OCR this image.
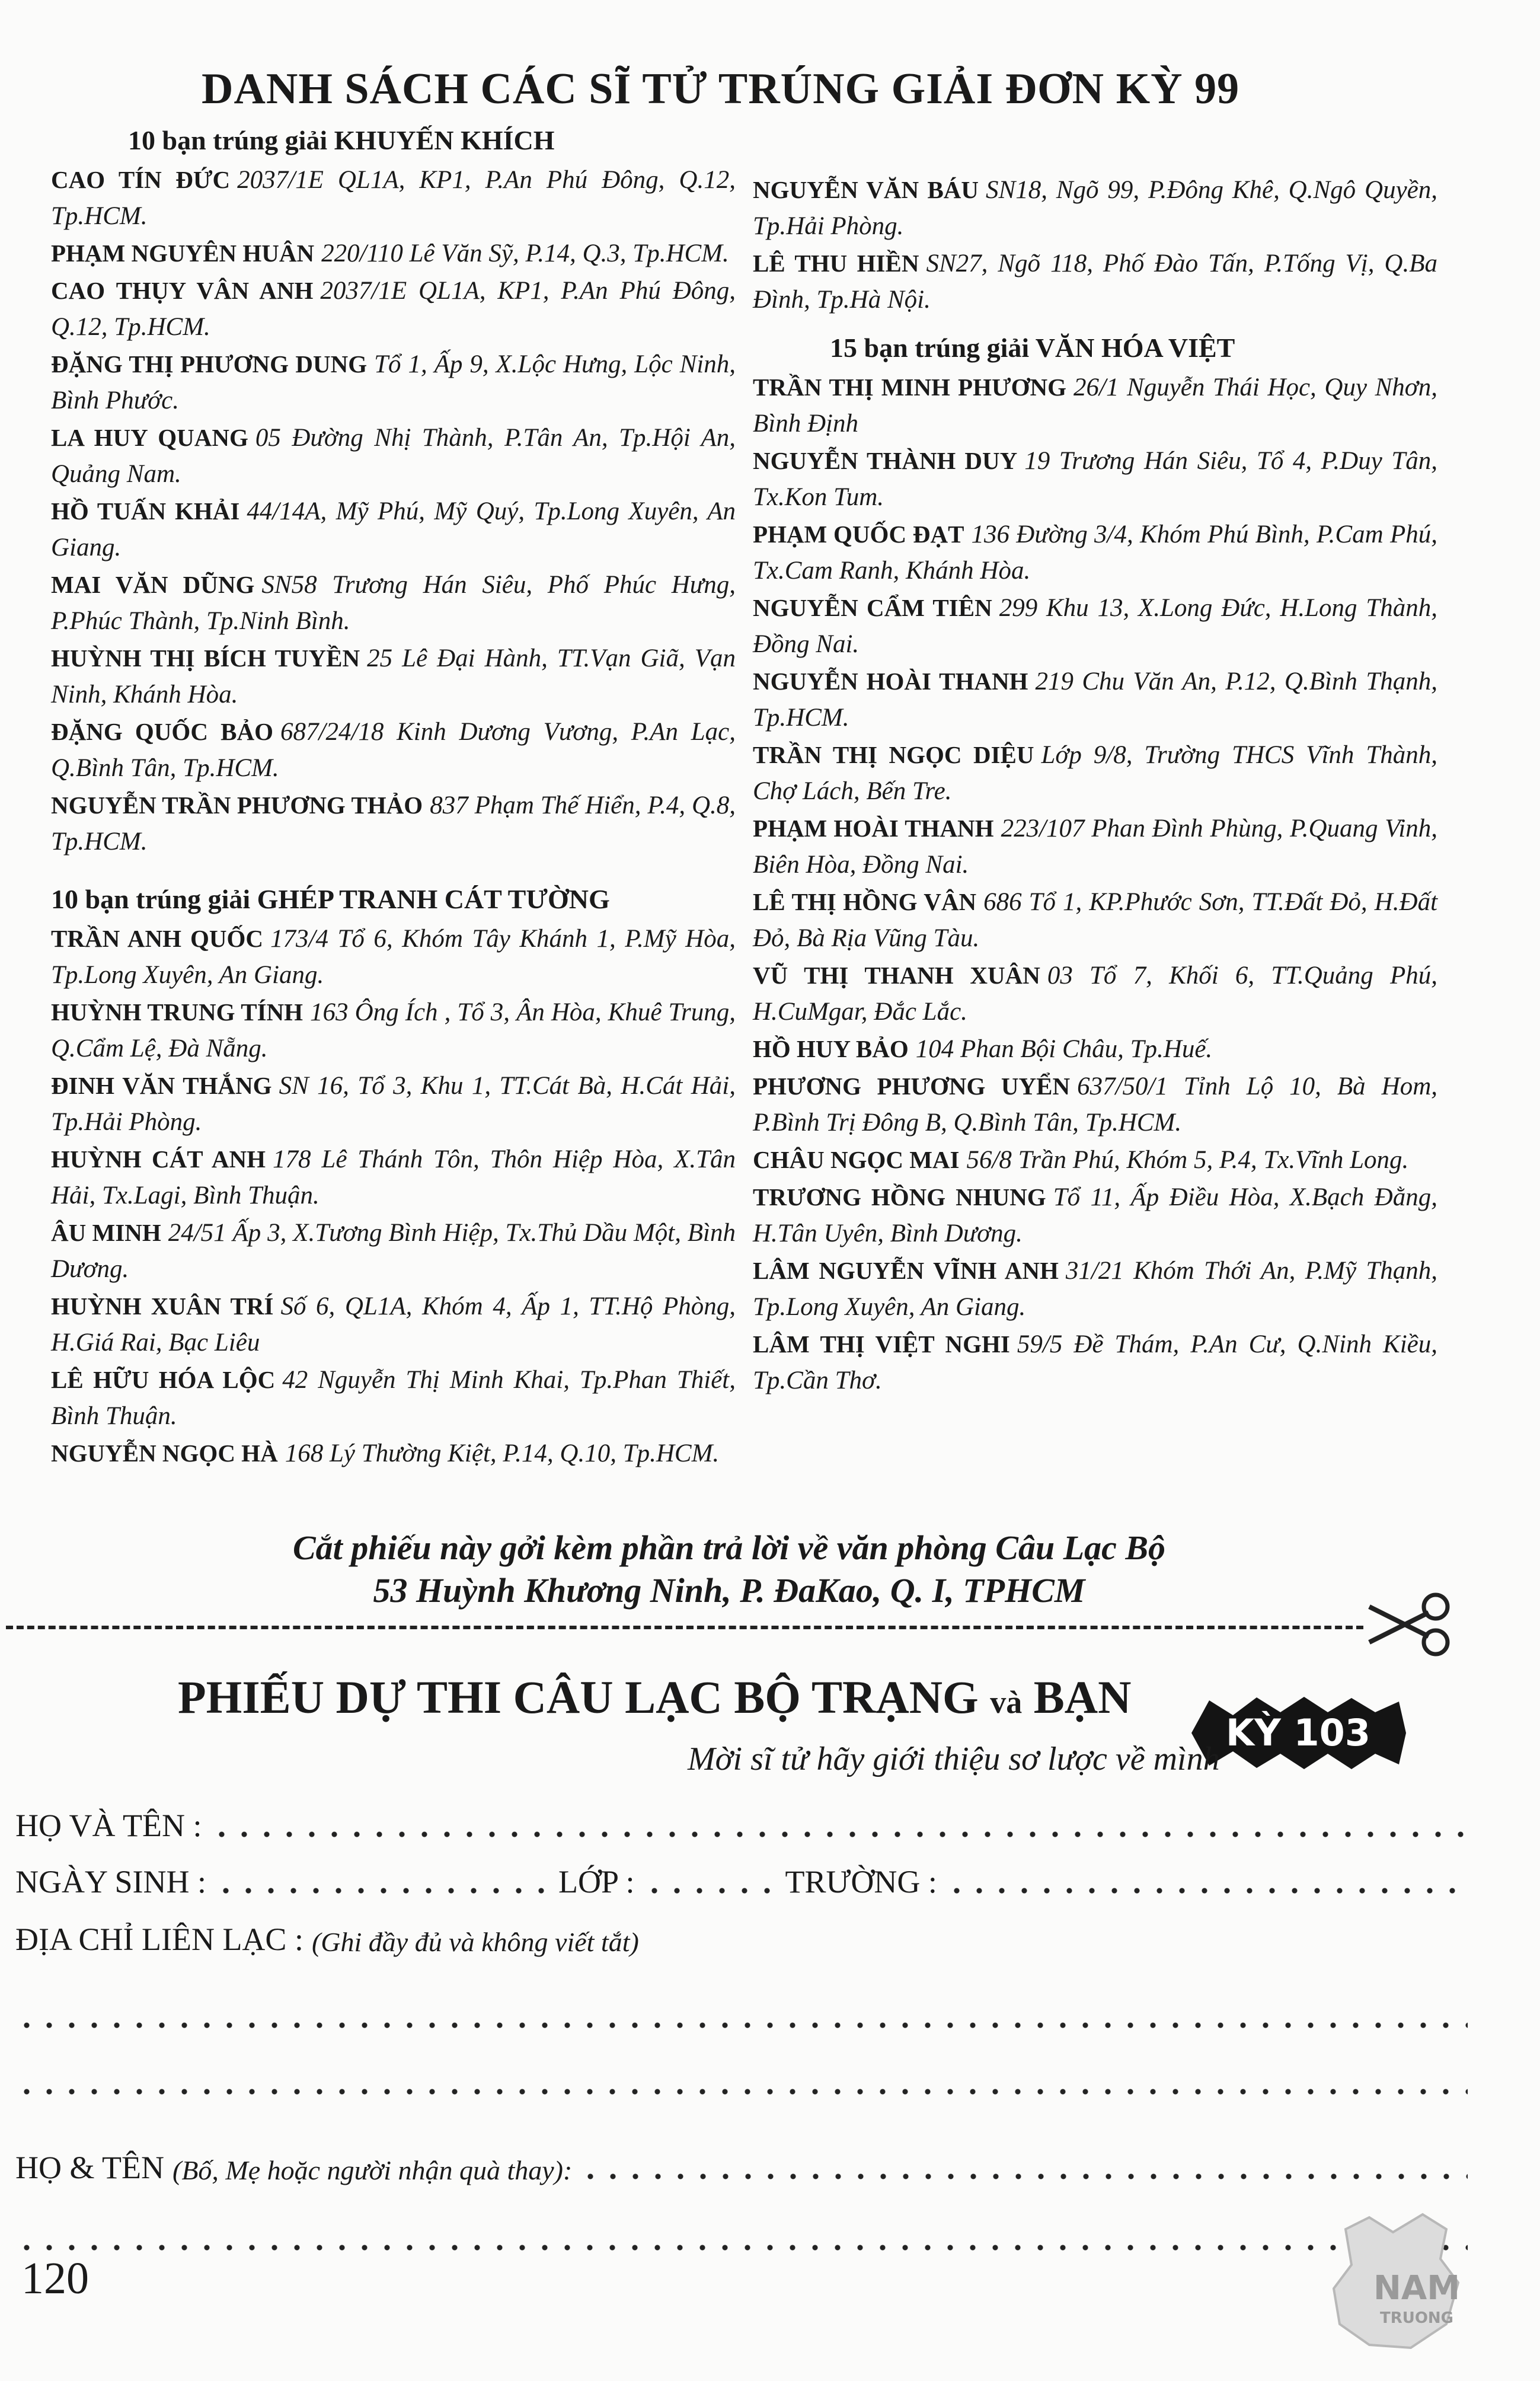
DANH SÁCH CÁC SĨ TỬ TRÚNG GIẢI ĐƠN KỲ 99
10 bạn trúng giải KHUYẾN KHÍCH

CAO TÍN ĐỨC 2037/1E QL1A, KP1, P.An Phú Đông, Q.12, Tp.HCM.

PHẠM NGUYÊN HUÂN 220/110 Lê Văn Sỹ, P.14, Q.3, Tp.HCM.

CAO THỤY VÂN ANH 2037/1E QL1A, KP1, P.An Phú Đông, Q.12, Tp.HCM.

ĐẶNG THỊ PHƯƠNG DUNG Tổ 1, Ấp 9, X.Lộc Hưng, Lộc Ninh, Bình Phước.

LA HUY QUANG 05 Đường Nhị Thành, P.Tân An, Tp.Hội An, Quảng Nam.

HỒ TUẤN KHẢI 44/14A, Mỹ Phú, Mỹ Quý, Tp.Long Xuyên, An Giang.

MAI VĂN DŨNG SN58 Trương Hán Siêu, Phố Phúc Hưng, P.Phúc Thành, Tp.Ninh Bình.

HUỲNH THỊ BÍCH TUYỀN 25 Lê Đại Hành, TT.Vạn Giã, Vạn Ninh, Khánh Hòa.

ĐẶNG QUỐC BẢO 687/24/18 Kinh Dương Vương, P.An Lạc, Q.Bình Tân, Tp.HCM.

NGUYỄN TRẦN PHƯƠNG THẢO 837 Phạm Thế Hiển, P.4, Q.8, Tp.HCM.

10 bạn trúng giải GHÉP TRANH CÁT TƯỜNG

TRẦN ANH QUỐC 173/4 Tổ 6, Khóm Tây Khánh 1, P.Mỹ Hòa, Tp.Long Xuyên, An Giang.

HUỲNH TRUNG TÍNH 163 Ông Ích , Tổ 3, Ân Hòa, Khuê Trung, Q.Cẩm Lệ, Đà Nẵng.

ĐINH VĂN THẮNG SN 16, Tổ 3, Khu 1, TT.Cát Bà, H.Cát Hải, Tp.Hải Phòng.

HUỲNH CÁT ANH 178 Lê Thánh Tôn, Thôn Hiệp Hòa, X.Tân Hải, Tx.Lagi, Bình Thuận.

ÂU MINH 24/51 Ấp 3, X.Tương Bình Hiệp, Tx.Thủ Dầu Một, Bình Dương.

HUỲNH XUÂN TRÍ Số 6, QL1A, Khóm 4, Ấp 1, TT.Hộ Phòng, H.Giá Rai, Bạc Liêu

LÊ HỮU HÓA LỘC 42 Nguyễn Thị Minh Khai, Tp.Phan Thiết, Bình Thuận.

NGUYỄN NGỌC HÀ 168 Lý Thường Kiệt, P.14, Q.10, Tp.HCM.

NGUYỄN VĂN BÁU SN18, Ngõ 99, P.Đông Khê, Q.Ngô Quyền, Tp.Hải Phòng.

LÊ THU HIỀN SN27, Ngõ 118, Phố Đào Tấn, P.Tống Vị, Q.Ba Đình, Tp.Hà Nội.

15 bạn trúng giải VĂN HÓA VIỆT

TRẦN THỊ MINH PHƯƠNG 26/1 Nguyễn Thái Học, Quy Nhơn, Bình Định

NGUYỄN THÀNH DUY 19 Trương Hán Siêu, Tổ 4, P.Duy Tân, Tx.Kon Tum.

PHẠM QUỐC ĐẠT 136 Đường 3/4, Khóm Phú Bình, P.Cam Phú, Tx.Cam Ranh, Khánh Hòa.

NGUYỄN CẨM TIÊN 299 Khu 13, X.Long Đức, H.Long Thành, Đồng Nai.

NGUYỄN HOÀI THANH 219 Chu Văn An, P.12, Q.Bình Thạnh, Tp.HCM.

TRẦN THỊ NGỌC DIỆU Lớp 9/8, Trường THCS Vĩnh Thành, Chợ Lách, Bến Tre.

PHẠM HOÀI THANH 223/107 Phan Đình Phùng, P.Quang Vinh, Biên Hòa, Đồng Nai.

LÊ THỊ HỒNG VÂN 686 Tổ 1, KP.Phước Sơn, TT.Đất Đỏ, H.Đất Đỏ, Bà Rịa Vũng Tàu.

VŨ THỊ THANH XUÂN 03 Tổ 7, Khối 6, TT.Quảng Phú, H.CuMgar, Đắc Lắc.

HỒ HUY BẢO 104 Phan Bội Châu, Tp.Huế.

PHƯƠNG PHƯƠNG UYỂN 637/50/1 Tỉnh Lộ 10, Bà Hom, P.Bình Trị Đông B, Q.Bình Tân, Tp.HCM.

CHÂU NGỌC MAI 56/8 Trần Phú, Khóm 5, P.4, Tx.Vĩnh Long.

TRƯƠNG HỒNG NHUNG Tổ 11, Ấp Điều Hòa, X.Bạch Đằng, H.Tân Uyên, Bình Dương.

LÂM NGUYỄN VĨNH ANH 31/21 Khóm Thới An, P.Mỹ Thạnh, Tp.Long Xuyên, An Giang.

LÂM THỊ VIỆT NGHI 59/5 Đề Thám, P.An Cư, Q.Ninh Kiều, Tp.Cần Thơ.

Cắt phiếu này gởi kèm phần trả lời về văn phòng Câu Lạc Bộ
53 Huỳnh Khương Ninh, P. ĐaKao, Q. I, TPHCM
PHIẾU DỰ THI CÂU LẠC BỘ TRẠNG và BẠN
KỲ 103
Mời sĩ tử hãy giới thiệu sơ lược về mình
HỌ VÀ TÊN :
NGÀY SINH :	LỚP :	TRƯỜNG :
ĐỊA CHỈ LIÊN LẠC : (Ghi đầy đủ và không viết tắt)
HỌ & TÊN (Bố, Mẹ hoặc người nhận quà thay):
120	NAM
TRUONG
